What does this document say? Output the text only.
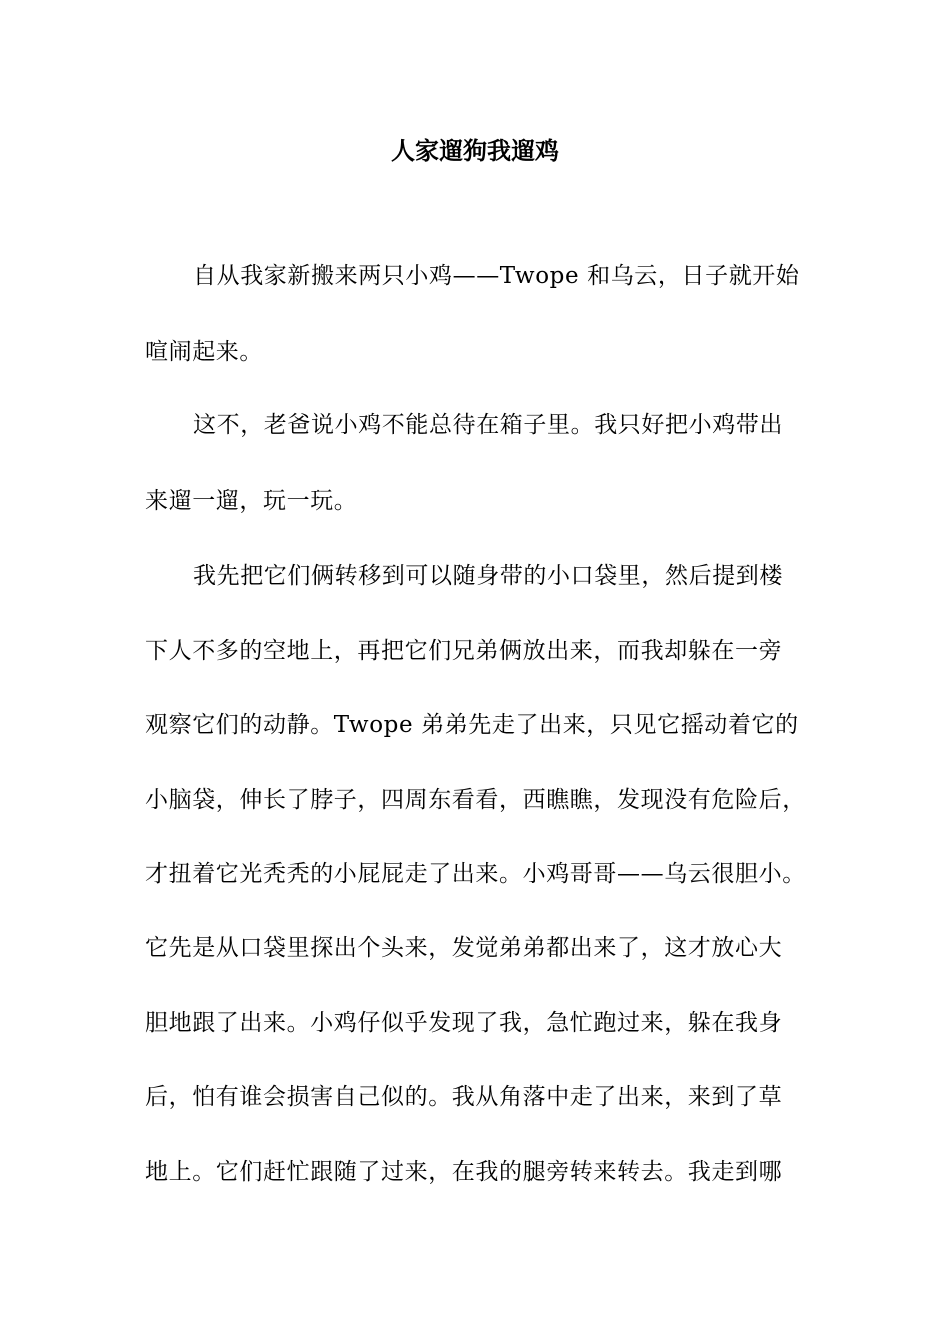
人家遛狗我遛鸡
自从我家新搬来两只小鸡——Twope 和乌云，日子就开始
喧闹起来。
这不，老爸说小鸡不能总待在箱子里。我只好把小鸡带出
来遛一遛，玩一玩。
我先把它们俩转移到可以随身带的小口袋里，然后提到楼
下人不多的空地上，再把它们兄弟俩放出来，而我却躲在一旁
观察它们的动静。Twope 弟弟先走了出来，只见它摇动着它的
小脑袋，伸长了脖子，四周东看看，西瞧瞧，发现没有危险后，
才扭着它光秃秃的小屁屁走了出来。小鸡哥哥——乌云很胆小。
它先是从口袋里探出个头来，发觉弟弟都出来了，这才放心大
胆地跟了出来。小鸡仔似乎发现了我，急忙跑过来，躲在我身
后，怕有谁会损害自己似的。我从角落中走了出来，来到了草
地上。它们赶忙跟随了过来，在我的腿旁转来转去。我走到哪
